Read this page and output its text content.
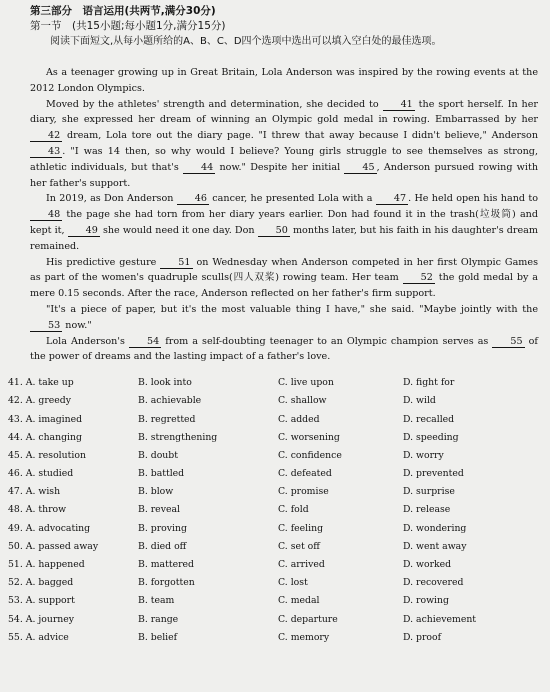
第三部分　语言运用(共两节,满分30分)
第一节　(共15小题;每小题1分,满分15分)
阅读下面短文,从每小题所给的A、B、C、D四个选项中选出可以填入空白处的最佳选项。

As a teenager growing up in Great Britain, Lola Anderson was inspired by the rowing events at the 2012 London Olympics.

Moved by the athletes' strength and determination, she decided to 41 the sport herself. In her diary, she expressed her dream of winning an Olympic gold medal in rowing. Embarrassed by her 42 dream, Lola tore out the diary page. "I threw that away because I didn't believe," Anderson 43 . "I was 14 then, so why would I believe? Young girls struggle to see themselves as strong, athletic individuals, but that's 44 now." Despite her initial 45 , Anderson pursued rowing with her father's support.

In 2019, as Don Anderson 46 cancer, he presented Lola with a 47 . He held open his hand to 48 the page she had torn from her diary years earlier. Don had found it in the trash(垃圾筒) and kept it, 49 she would need it one day. Don 50 months later, but his faith in his daughter's dream remained.

His predictive gesture 51 on Wednesday when Anderson competed in her first Olympic Games as part of the women's quadruple sculls(四人双桨) rowing team. Her team 52 the gold medal by a mere 0.15 seconds. After the race, Anderson reflected on her father's firm support.

"It's a piece of paper, but it's the most valuable thing I have," she said. "Maybe jointly with the 53 now."

Lola Anderson's 54 from a self-doubting teenager to an Olympic champion serves as 55 of the power of dreams and the lasting impact of a father's love.

41. A. take up	B. look into	C. live upon	D. fight for
42. A. greedy	B. achievable	C. shallow	D. wild
43. A. imagined	B. regretted	C. added	D. recalled
44. A. changing	B. strengthening	C. worsening	D. speeding
45. A. resolution	B. doubt	C. confidence	D. worry
46. A. studied	B. battled	C. defeated	D. prevented
47. A. wish	B. blow	C. promise	D. surprise
48. A. throw	B. reveal	C. fold	D. release
49. A. advocating	B. proving	C. feeling	D. wondering
50. A. passed away	B. died off	C. set off	D. went away
51. A. happened	B. mattered	C. arrived	D. worked
52. A. bagged	B. forgotten	C. lost	D. recovered
53. A. support	B. team	C. medal	D. rowing
54. A. journey	B. range	C. departure	D. achievement
55. A. advice	B. belief	C. memory	D. proof
